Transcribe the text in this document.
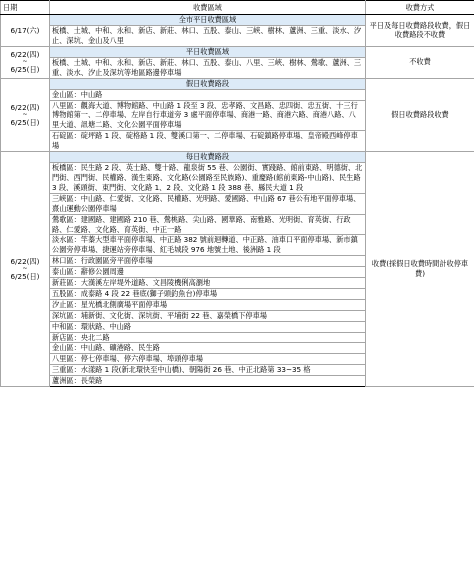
日期	收費區域	收費方式
6/17(六)	全市平日收費區域	平日及每日收費路段收費，假日收費路段不收費
	板橋、土城、中和、永和、新店、新莊、林口、五股、泰山、三峽、樹林、蘆洲、三重、淡水、汐止、深坑、金山及八里	
6/22(四)
~
6/25(日)	平日收費區域	不收費
	板橋、土城、中和、永和、新店、新莊、林口、五股、泰山、八里、三峽、樹林、鶯歌、蘆洲、三重、淡水、汐止及深坑等地區路邊停車場	
6/22(四)
~
6/25(日)	假日收費路段	假日收費路段收費
	金山區：中山路	
	八里區：觀海大道、博物館路、中山路 1 段至 3 段、忠孝路、文昌路、忠四街、忠五街、十三行博物館第一、二停車場、左岸自行車道旁 3 處平面停車場、商港一路、商港六路、商港八路、八里大道、訊塘二路、文化公園平面停車場	
	石碇區：碇坪路 1 段、碇格路 1 段、雙溪口第一、二停車場、石碇鎮路停車場、皇帝殿西峰停車場	
6/22(四)
~
6/25(日)	每日收費路段	收費(採假日收費時間計收停車費)
	板橋區：民生路 2 段、英士路、雙十路、龍泉街 55 巷、公園街、實踐路、館前東路、明德街、北門街、西門街、民權路、漢生東路、文化路(公園路至民族路)、重慶路(館前東路-中山路)、民生路 3 段、溪頭街、東門街、文化路 1、2 段、文化路 1 段 388 巷、縣民大道 1 段	
	三峽區：中山路、仁愛街、文化路、民權路、光明路、愛國路、中山路 67 巷公有地平面停車場、熹山運動公園停車場	
	鶯歌區：建國路、建國路 210 巷、鶯桃路、尖山路、國華路、南雅路、光明街、育英街、行政路、仁愛路、文化路、育英街、中正一路	
	淡水區：竿蓁大型車平面停車場、中正路 382 號前迴轉道、中正路、油車口平面停車場、新市鎮公園旁停車場、捷運站旁停車場、紅毛城段 976 地號土地、後洲路 1 段	
	林口區：行政園區旁平面停車場	
	泰山區：辭修公園周邊	
	新莊區：大漢溪左岸堤外道路、文昌陵機俐高瀏地	
	五股區：成泰路 4 段 22 巷底(獅子頭釣魚台)停車場	
	汐止區：星光橋北側廣場平面停車場	
	深坑區：埔新街、文化街、深坑街、平埔街 22 巷、嘉榮橋下停車場	
	中和區：環狀路、中山路	
	新店區：央北二路	
	金山區：中山路、礦港路、民生路	
	八里區：停七停車場、停六停車場、埠頭停車場	
	三重區：水漾路 1 段(新北環快至中山橋)、朝陽街 26 巷、中正北路第 33~35 格	
	蘆洲區：長榮路	
